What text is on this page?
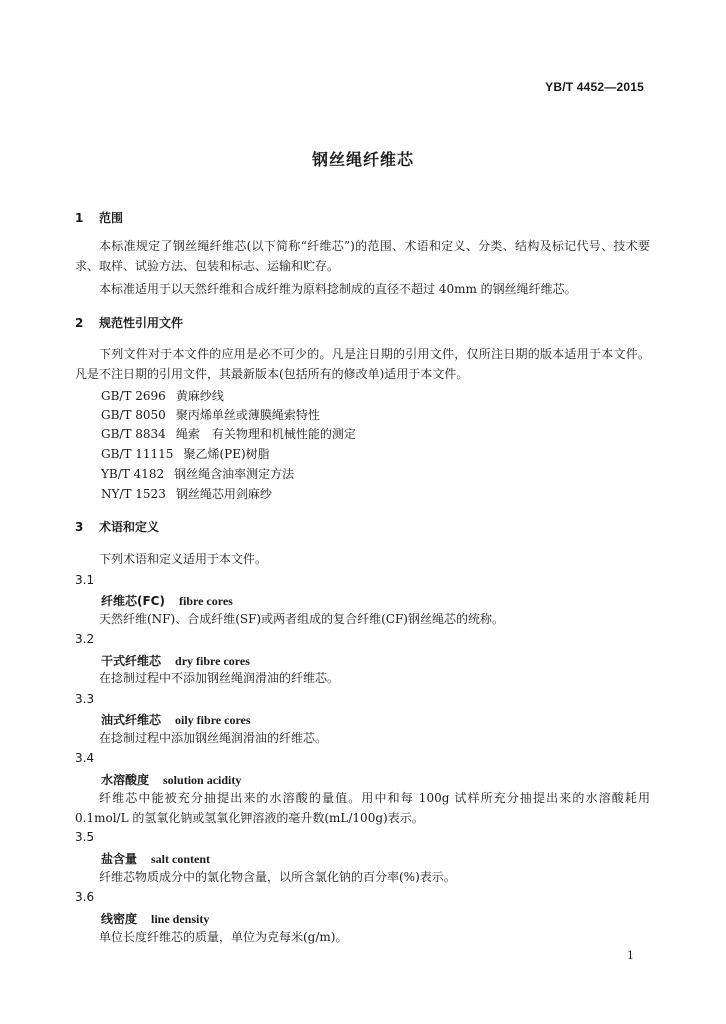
YB/T 4452—2015
钢丝绳纤维芯
1 范围
本标准规定了钢丝绳纤维芯(以下简称“纤维芯”)的范围、术语和定义、分类、结构及标记代号、技术要求、取样、试验方法、包装和标志、运输和贮存。
本标准适用于以天然纤维和合成纤维为原料捻制成的直径不超过 40mm 的钢丝绳纤维芯。
2 规范性引用文件
下列文件对于本文件的应用是必不可少的。凡是注日期的引用文件，仅所注日期的版本适用于本文件。凡是不注日期的引用文件，其最新版本(包括所有的修改单)适用于本文件。
GB/T 2696 黄麻纱线
GB/T 8050 聚丙烯单丝或薄膜绳索特性
GB/T 8834 绳索　有关物理和机械性能的测定
GB/T 11115 聚乙烯(PE)树脂
YB/T 4182 钢丝绳含油率测定方法
NY/T 1523 钢丝绳芯用剑麻纱
3 术语和定义
下列术语和定义适用于本文件。
3.1
纤维芯(FC) fibre cores
天然纤维(NF)、合成纤维(SF)或两者组成的复合纤维(CF)钢丝绳芯的统称。
3.2
干式纤维芯 dry fibre cores
在捻制过程中不添加钢丝绳润滑油的纤维芯。
3.3
油式纤维芯 oily fibre cores
在捻制过程中添加钢丝绳润滑油的纤维芯。
3.4
水溶酸度 solution acidity
纤维芯中能被充分抽提出来的水溶酸的量值。用中和每 100g 试样所充分抽提出来的水溶酸耗用 0.1mol/L 的氢氧化钠或氢氧化钾溶液的毫升数(mL/100g)表示。
3.5
盐含量 salt content
纤维芯物质成分中的氯化物含量，以所含氯化钠的百分率(%)表示。
3.6
线密度 line density
单位长度纤维芯的质量，单位为克每米(g/m)。
1
